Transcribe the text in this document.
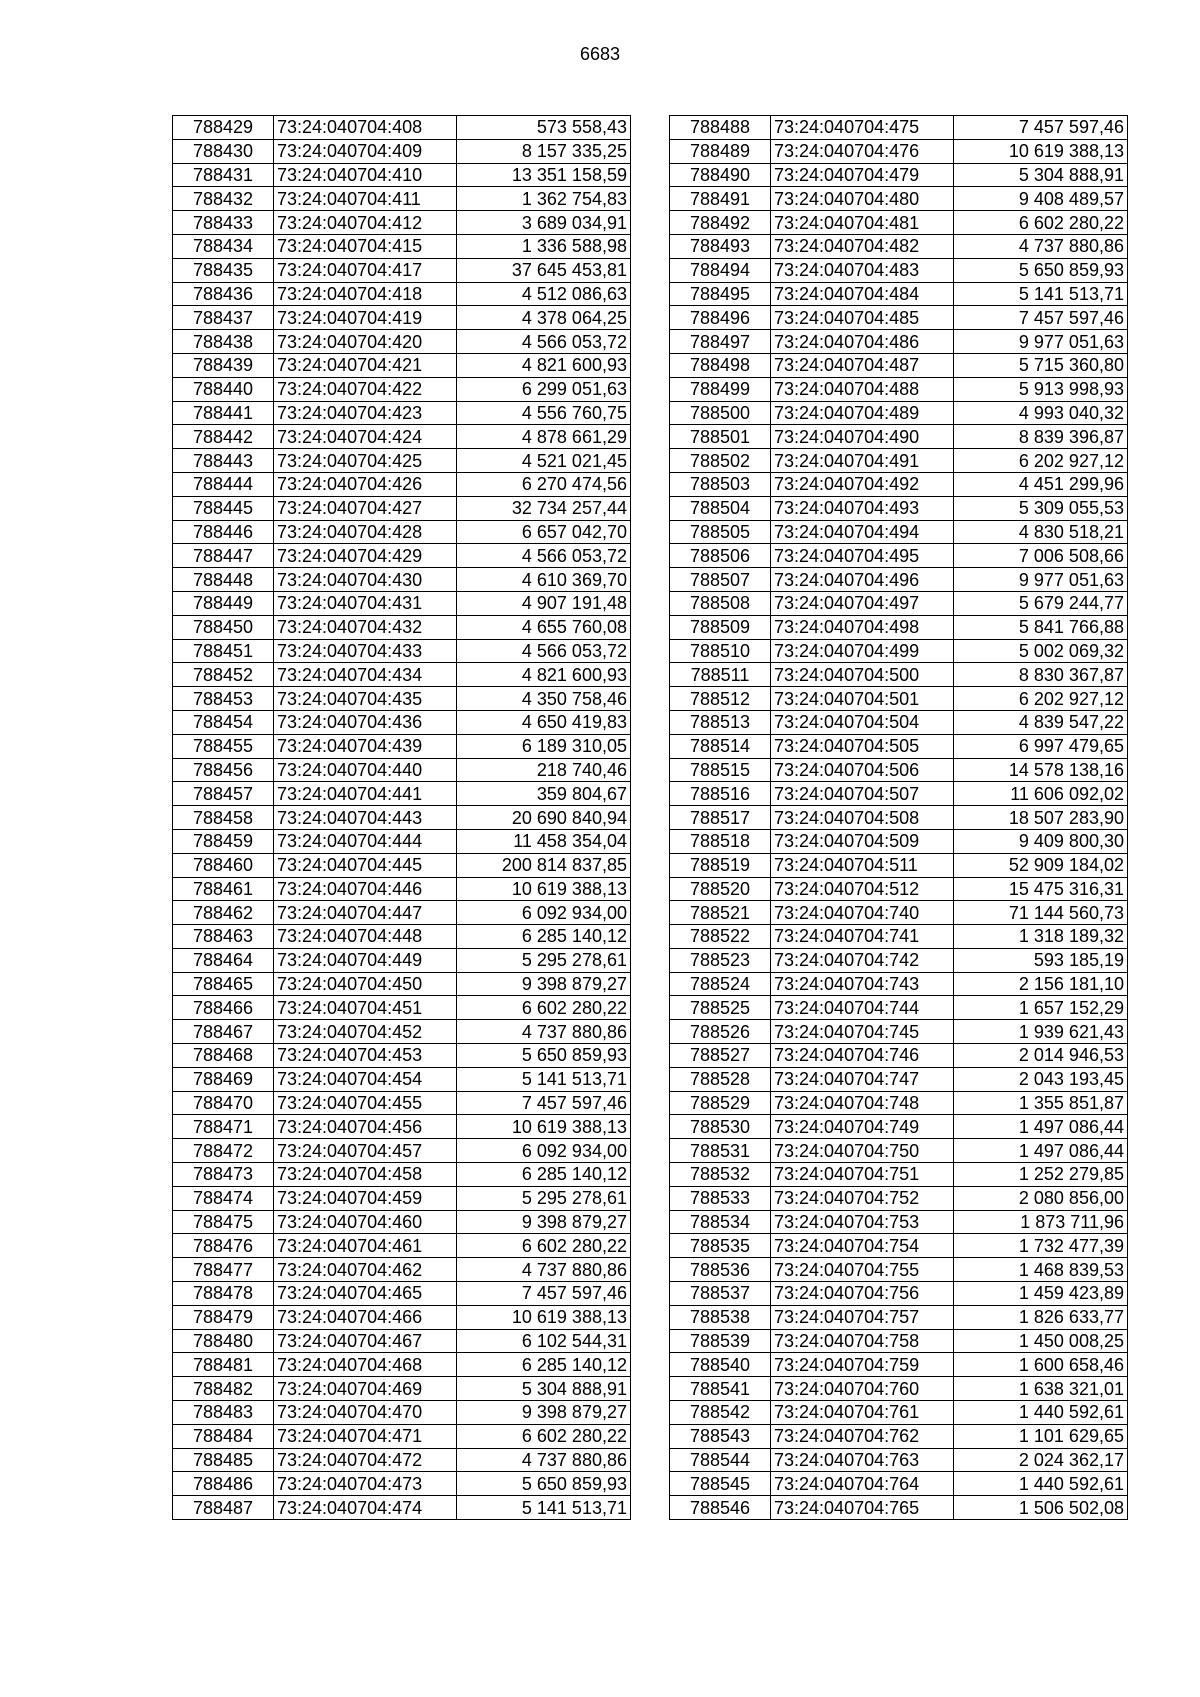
6683
788429	73:24:040704:408	573 558,43
788430	73:24:040704:409	8 157 335,25
788431	73:24:040704:410	13 351 158,59
788432	73:24:040704:411	1 362 754,83
788433	73:24:040704:412	3 689 034,91
788434	73:24:040704:415	1 336 588,98
788435	73:24:040704:417	37 645 453,81
788436	73:24:040704:418	4 512 086,63
788437	73:24:040704:419	4 378 064,25
788438	73:24:040704:420	4 566 053,72
788439	73:24:040704:421	4 821 600,93
788440	73:24:040704:422	6 299 051,63
788441	73:24:040704:423	4 556 760,75
788442	73:24:040704:424	4 878 661,29
788443	73:24:040704:425	4 521 021,45
788444	73:24:040704:426	6 270 474,56
788445	73:24:040704:427	32 734 257,44
788446	73:24:040704:428	6 657 042,70
788447	73:24:040704:429	4 566 053,72
788448	73:24:040704:430	4 610 369,70
788449	73:24:040704:431	4 907 191,48
788450	73:24:040704:432	4 655 760,08
788451	73:24:040704:433	4 566 053,72
788452	73:24:040704:434	4 821 600,93
788453	73:24:040704:435	4 350 758,46
788454	73:24:040704:436	4 650 419,83
788455	73:24:040704:439	6 189 310,05
788456	73:24:040704:440	218 740,46
788457	73:24:040704:441	359 804,67
788458	73:24:040704:443	20 690 840,94
788459	73:24:040704:444	11 458 354,04
788460	73:24:040704:445	200 814 837,85
788461	73:24:040704:446	10 619 388,13
788462	73:24:040704:447	6 092 934,00
788463	73:24:040704:448	6 285 140,12
788464	73:24:040704:449	5 295 278,61
788465	73:24:040704:450	9 398 879,27
788466	73:24:040704:451	6 602 280,22
788467	73:24:040704:452	4 737 880,86
788468	73:24:040704:453	5 650 859,93
788469	73:24:040704:454	5 141 513,71
788470	73:24:040704:455	7 457 597,46
788471	73:24:040704:456	10 619 388,13
788472	73:24:040704:457	6 092 934,00
788473	73:24:040704:458	6 285 140,12
788474	73:24:040704:459	5 295 278,61
788475	73:24:040704:460	9 398 879,27
788476	73:24:040704:461	6 602 280,22
788477	73:24:040704:462	4 737 880,86
788478	73:24:040704:465	7 457 597,46
788479	73:24:040704:466	10 619 388,13
788480	73:24:040704:467	6 102 544,31
788481	73:24:040704:468	6 285 140,12
788482	73:24:040704:469	5 304 888,91
788483	73:24:040704:470	9 398 879,27
788484	73:24:040704:471	6 602 280,22
788485	73:24:040704:472	4 737 880,86
788486	73:24:040704:473	5 650 859,93
788487	73:24:040704:474	5 141 513,71
788488	73:24:040704:475	7 457 597,46
788489	73:24:040704:476	10 619 388,13
788490	73:24:040704:479	5 304 888,91
788491	73:24:040704:480	9 408 489,57
788492	73:24:040704:481	6 602 280,22
788493	73:24:040704:482	4 737 880,86
788494	73:24:040704:483	5 650 859,93
788495	73:24:040704:484	5 141 513,71
788496	73:24:040704:485	7 457 597,46
788497	73:24:040704:486	9 977 051,63
788498	73:24:040704:487	5 715 360,80
788499	73:24:040704:488	5 913 998,93
788500	73:24:040704:489	4 993 040,32
788501	73:24:040704:490	8 839 396,87
788502	73:24:040704:491	6 202 927,12
788503	73:24:040704:492	4 451 299,96
788504	73:24:040704:493	5 309 055,53
788505	73:24:040704:494	4 830 518,21
788506	73:24:040704:495	7 006 508,66
788507	73:24:040704:496	9 977 051,63
788508	73:24:040704:497	5 679 244,77
788509	73:24:040704:498	5 841 766,88
788510	73:24:040704:499	5 002 069,32
788511	73:24:040704:500	8 830 367,87
788512	73:24:040704:501	6 202 927,12
788513	73:24:040704:504	4 839 547,22
788514	73:24:040704:505	6 997 479,65
788515	73:24:040704:506	14 578 138,16
788516	73:24:040704:507	11 606 092,02
788517	73:24:040704:508	18 507 283,90
788518	73:24:040704:509	9 409 800,30
788519	73:24:040704:511	52 909 184,02
788520	73:24:040704:512	15 475 316,31
788521	73:24:040704:740	71 144 560,73
788522	73:24:040704:741	1 318 189,32
788523	73:24:040704:742	593 185,19
788524	73:24:040704:743	2 156 181,10
788525	73:24:040704:744	1 657 152,29
788526	73:24:040704:745	1 939 621,43
788527	73:24:040704:746	2 014 946,53
788528	73:24:040704:747	2 043 193,45
788529	73:24:040704:748	1 355 851,87
788530	73:24:040704:749	1 497 086,44
788531	73:24:040704:750	1 497 086,44
788532	73:24:040704:751	1 252 279,85
788533	73:24:040704:752	2 080 856,00
788534	73:24:040704:753	1 873 711,96
788535	73:24:040704:754	1 732 477,39
788536	73:24:040704:755	1 468 839,53
788537	73:24:040704:756	1 459 423,89
788538	73:24:040704:757	1 826 633,77
788539	73:24:040704:758	1 450 008,25
788540	73:24:040704:759	1 600 658,46
788541	73:24:040704:760	1 638 321,01
788542	73:24:040704:761	1 440 592,61
788543	73:24:040704:762	1 101 629,65
788544	73:24:040704:763	2 024 362,17
788545	73:24:040704:764	1 440 592,61
788546	73:24:040704:765	1 506 502,08
